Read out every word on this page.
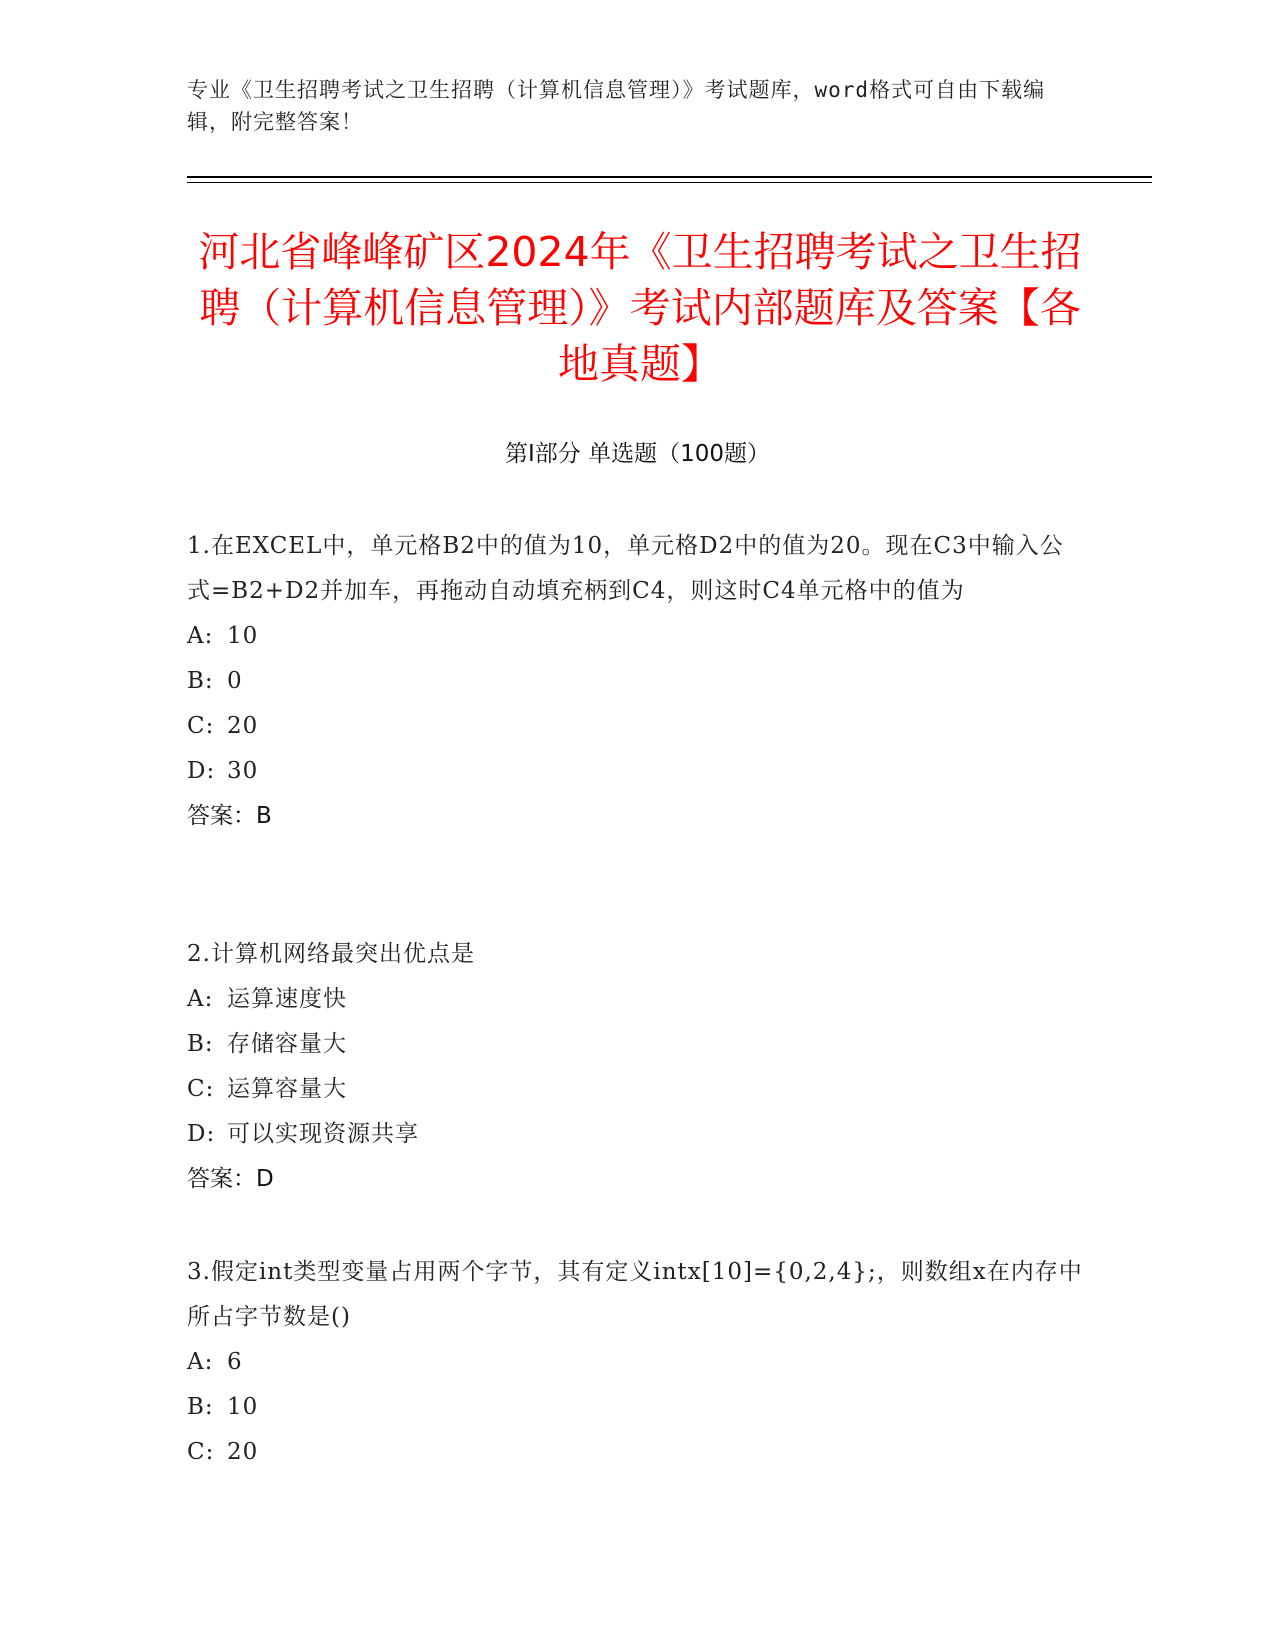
专业《卫生招聘考试之卫生招聘（计算机信息管理）》考试题库，word格式可自由下载编辑，附完整答案！
河北省峰峰矿区2024年《卫生招聘考试之卫生招聘（计算机信息管理）》考试内部题库及答案【各地真题】
第Ⅰ部分 单选题（100题）
1.在EXCEL中，单元格B2中的值为10，单元格D2中的值为20。现在C3中输入公式=B2+D2并加车，再拖动自动填充柄到C4，则这时C4单元格中的值为
A: 10
B: 0
C: 20
D: 30
答案：B
2.计算机网络最突出优点是
A: 运算速度快
B: 存储容量大
C: 运算容量大
D: 可以实现资源共享
答案：D
3.假定int类型变量占用两个字节，其有定义intx[10]={0,2,4};，则数组x在内存中所占字节数是()
A: 6
B: 10
C: 20
